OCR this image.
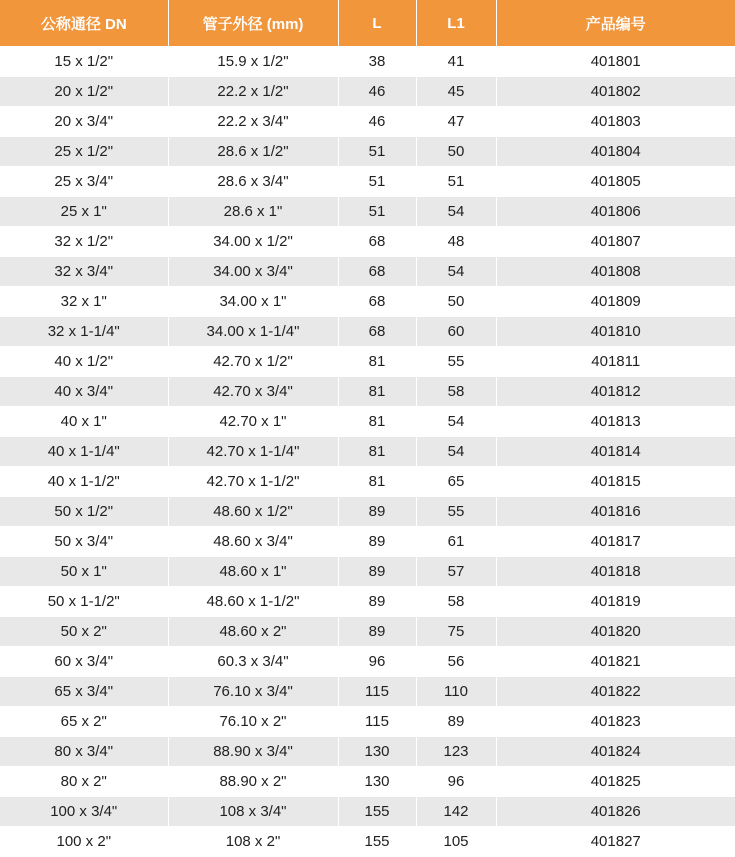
公称通径 DN	管子外径 (mm)	L	L1	产品编号
15 x 1/2"	15.9 x 1/2"	38	41	401801
20 x 1/2"	22.2 x 1/2"	46	45	401802
20 x 3/4"	22.2 x 3/4"	46	47	401803
25 x 1/2"	28.6 x 1/2"	51	50	401804
25 x 3/4"	28.6 x 3/4"	51	51	401805
25 x 1"	28.6 x 1"	51	54	401806
32 x 1/2"	34.00 x 1/2"	68	48	401807
32 x 3/4"	34.00 x 3/4"	68	54	401808
32 x 1"	34.00 x 1"	68	50	401809
32 x 1-1/4"	34.00 x 1-1/4"	68	60	401810
40 x 1/2"	42.70 x 1/2"	81	55	401811
40 x 3/4"	42.70 x 3/4"	81	58	401812
40 x 1"	42.70 x 1"	81	54	401813
40 x 1-1/4"	42.70 x 1-1/4"	81	54	401814
40 x 1-1/2"	42.70 x 1-1/2"	81	65	401815
50 x 1/2"	48.60 x 1/2"	89	55	401816
50 x 3/4"	48.60 x 3/4"	89	61	401817
50 x 1"	48.60 x 1"	89	57	401818
50 x 1-1/2"	48.60 x 1-1/2"	89	58	401819
50 x 2"	48.60 x 2"	89	75	401820
60 x 3/4"	60.3 x 3/4"	96	56	401821
65 x 3/4"	76.10 x 3/4"	115	110	401822
65 x 2"	76.10 x 2"	115	89	401823
80 x 3/4"	88.90 x 3/4"	130	123	401824
80 x 2"	88.90 x 2"	130	96	401825
100 x 3/4"	108 x 3/4"	155	142	401826
100 x 2"	108 x 2"	155	105	401827
